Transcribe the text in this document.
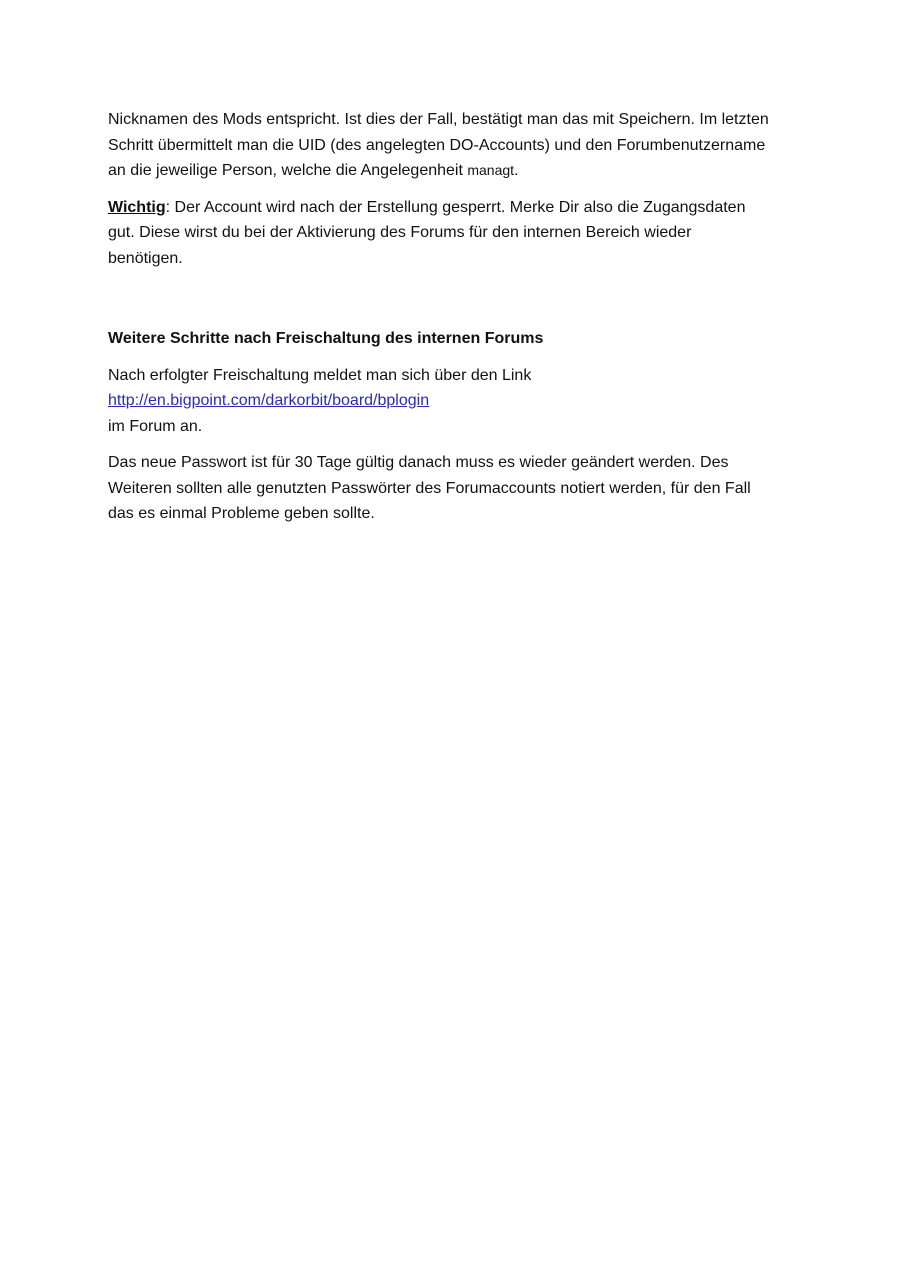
Nicknamen des Mods entspricht. Ist dies der Fall, bestätigt man das mit Speichern. Im letzten
Schritt übermittelt man die UID (des angelegten DO-Accounts) und den Forumbenutzername
an die jeweilige Person, welche die Angelegenheit managt.

Wichtig: Der Account wird nach der Erstellung gesperrt. Merke Dir also die Zugangsdaten
gut. Diese wirst du bei der Aktivierung des Forums für den internen Bereich wieder
benötigen.

Weitere Schritte nach Freischaltung des internen Forums

Nach erfolgter Freischaltung meldet man sich über den Link
http://en.bigpoint.com/darkorbit/board/bplogin
im Forum an.

Das neue Passwort ist für 30 Tage gültig danach muss es wieder geändert werden. Des
Weiteren sollten alle genutzten Passwörter des Forumaccounts notiert werden, für den Fall
das es einmal Probleme geben sollte.
